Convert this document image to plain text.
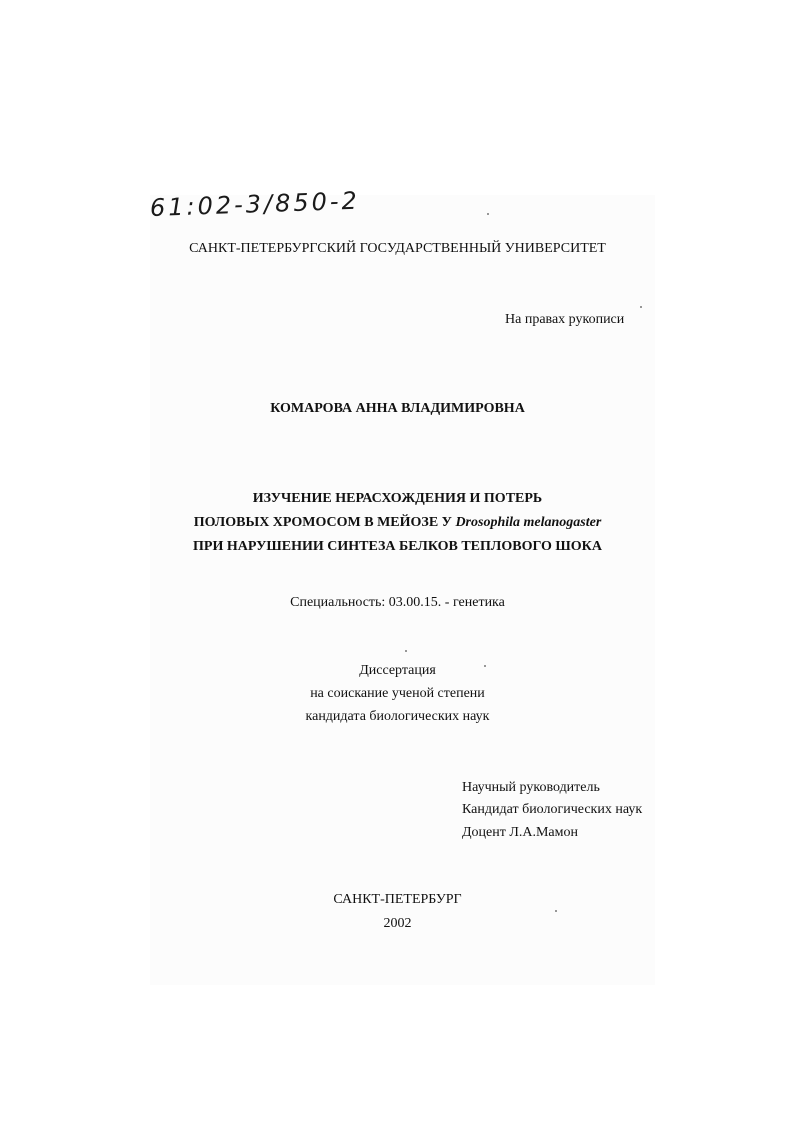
61:02-3/850-2
САНКТ-ПЕТЕРБУРГСКИЙ ГОСУДАРСТВЕННЫЙ УНИВЕРСИТЕТ
На правах рукописи
КОМАРОВА АННА ВЛАДИМИРОВНА
ИЗУЧЕНИЕ НЕРАСХОЖДЕНИЯ И ПОТЕРЬ
ПОЛОВЫХ ХРОМОСОМ В МЕЙОЗЕ У Drosophila melanogaster
ПРИ НАРУШЕНИИ СИНТЕЗА БЕЛКОВ ТЕПЛОВОГО ШОКА
Специальность: 03.00.15. - генетика
Диссертация
на соискание ученой степени
кандидата биологических наук
Научный руководитель
Кандидат биологических наук
Доцент Л.А.Мамон
САНКТ-ПЕТЕРБУРГ
2002
